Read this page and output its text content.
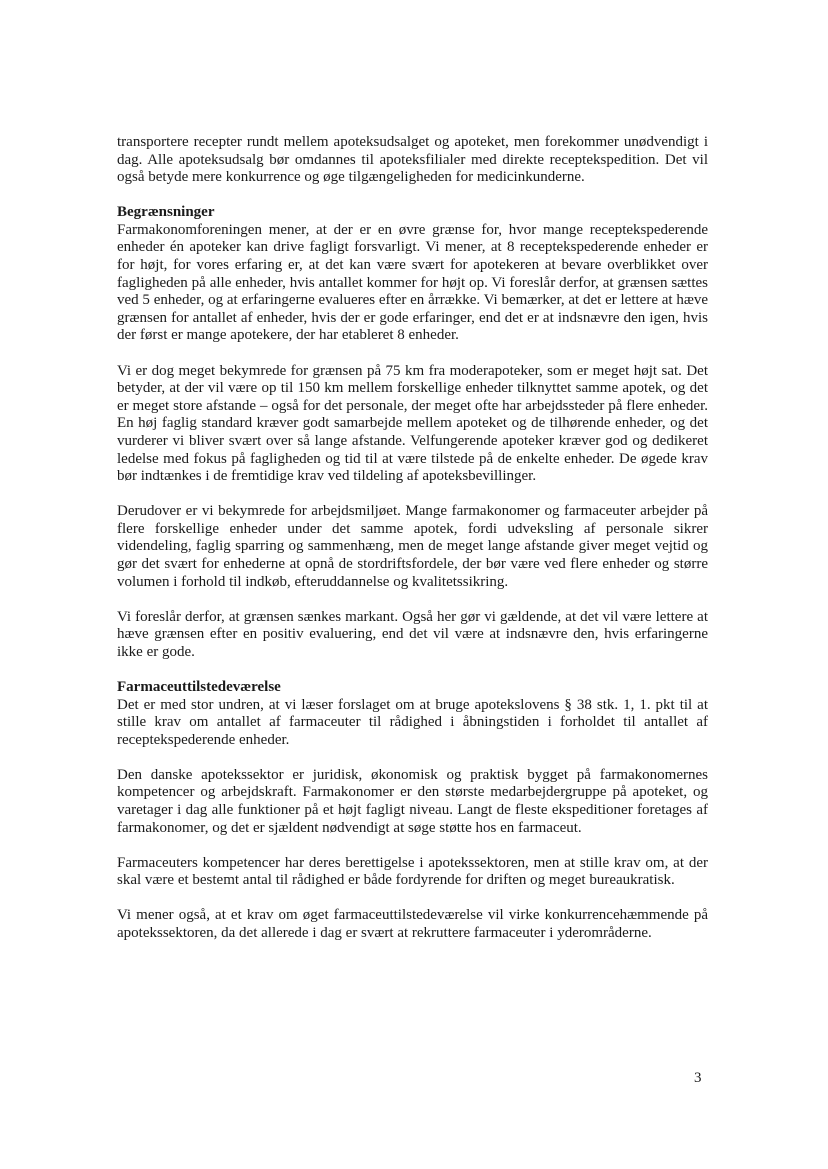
transportere recepter rundt mellem apoteksudsalget og apoteket, men forekommer unødvendigt i dag. Alle apoteksudsalg bør omdannes til apoteksfilialer med direkte receptekspedition. Det vil også betyde mere konkurrence og øge tilgængeligheden for medicinkunderne.

Begrænsninger

Farmakonomforeningen mener, at der er en øvre grænse for, hvor mange receptekspederende enheder én apoteker kan drive fagligt forsvarligt. Vi mener, at 8 receptekspederende enheder er for højt, for vores erfaring er, at det kan være svært for apotekeren at bevare overblikket over fagligheden på alle enheder, hvis antallet kommer for højt op. Vi foreslår derfor, at grænsen sættes ved 5 enheder, og at erfaringerne evalueres efter en årrække. Vi bemærker, at det er lettere at hæve grænsen for antallet af enheder, hvis der er gode erfaringer, end det er at indsnævre den igen, hvis der først er mange apotekere, der har etableret 8 enheder.

Vi er dog meget bekymrede for grænsen på 75 km fra moderapoteker, som er meget højt sat. Det betyder, at der vil være op til 150 km mellem forskellige enheder tilknyttet samme apotek, og det er meget store afstande – også for det personale, der meget ofte har arbejdssteder på flere enheder. En høj faglig standard kræver godt samarbejde mellem apoteket og de tilhørende enheder, og det vurderer vi bliver svært over så lange afstande. Velfungerende apoteker kræver god og dedikeret ledelse med fokus på fagligheden og tid til at være tilstede på de enkelte enheder. De øgede krav bør indtænkes i de fremtidige krav ved tildeling af apoteksbevillinger.

Derudover er vi bekymrede for arbejdsmiljøet. Mange farmakonomer og farmaceuter arbejder på flere forskellige enheder under det samme apotek, fordi udveksling af personale sikrer videndeling, faglig sparring og sammenhæng, men de meget lange afstande giver meget vejtid og gør det svært for enhederne at opnå de stordriftsfordele, der bør være ved flere enheder og større volumen i forhold til indkøb, efteruddannelse og kvalitetssikring.

Vi foreslår derfor, at grænsen sænkes markant. Også her gør vi gældende, at det vil være lettere at hæve grænsen efter en positiv evaluering, end det vil være at indsnævre den, hvis erfaringerne ikke er gode.

Farmaceuttilstedeværelse

Det er med stor undren, at vi læser forslaget om at bruge apotekslovens § 38 stk. 1, 1. pkt til at stille krav om antallet af farmaceuter til rådighed i åbningstiden i forholdet til antallet af receptekspederende enheder.

Den danske apotekssektor er juridisk, økonomisk og praktisk bygget på farmakonomernes kompetencer og arbejdskraft. Farmakonomer er den største medarbejdergruppe på apoteket, og varetager i dag alle funktioner på et højt fagligt niveau. Langt de fleste ekspeditioner foretages af farmakonomer, og det er sjældent nødvendigt at søge støtte hos en farmaceut.

Farmaceuters kompetencer har deres berettigelse i apotekssektoren, men at stille krav om, at der skal være et bestemt antal til rådighed er både fordyrende for driften og meget bureaukratisk.

Vi mener også, at et krav om øget farmaceuttilstedeværelse vil virke konkurrencehæmmende på apotekssektoren, da det allerede i dag er svært at rekruttere farmaceuter i yderområderne.

3
